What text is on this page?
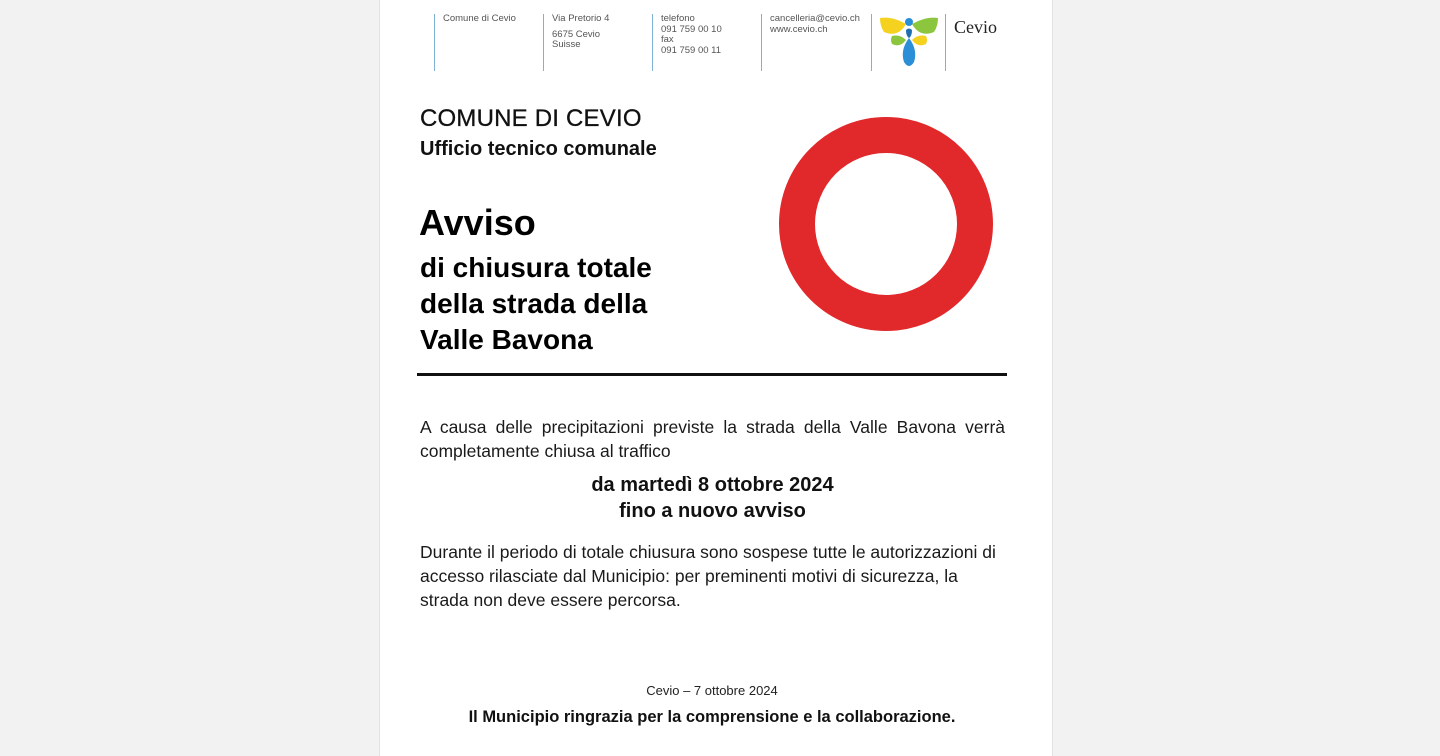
Comune di Cevio	Via Pretorio 4
6675 Cevio
Suisse
telefono
091 759 00 10
fax
091 759 00 11
cancelleria@cevio.ch
www.cevio.ch	Cevio
COMUNE DI CEVIO
Ufficio tecnico comunale
Avviso
di chiusura totale
della strada della
Valle Bavona

A causa delle precipitazioni previste la strada della Valle Bavona verrà completamente chiusa al traffico

da martedì 8 ottobre 2024
fino a nuovo avviso

Durante il periodo di totale chiusura sono sospese tutte le autorizzazioni di accesso rilasciate dal Municipio: per preminenti motivi di sicurezza, la strada non deve essere percorsa.

Cevio – 7 ottobre 2024
Il Municipio ringrazia per la comprensione e la collaborazione.
